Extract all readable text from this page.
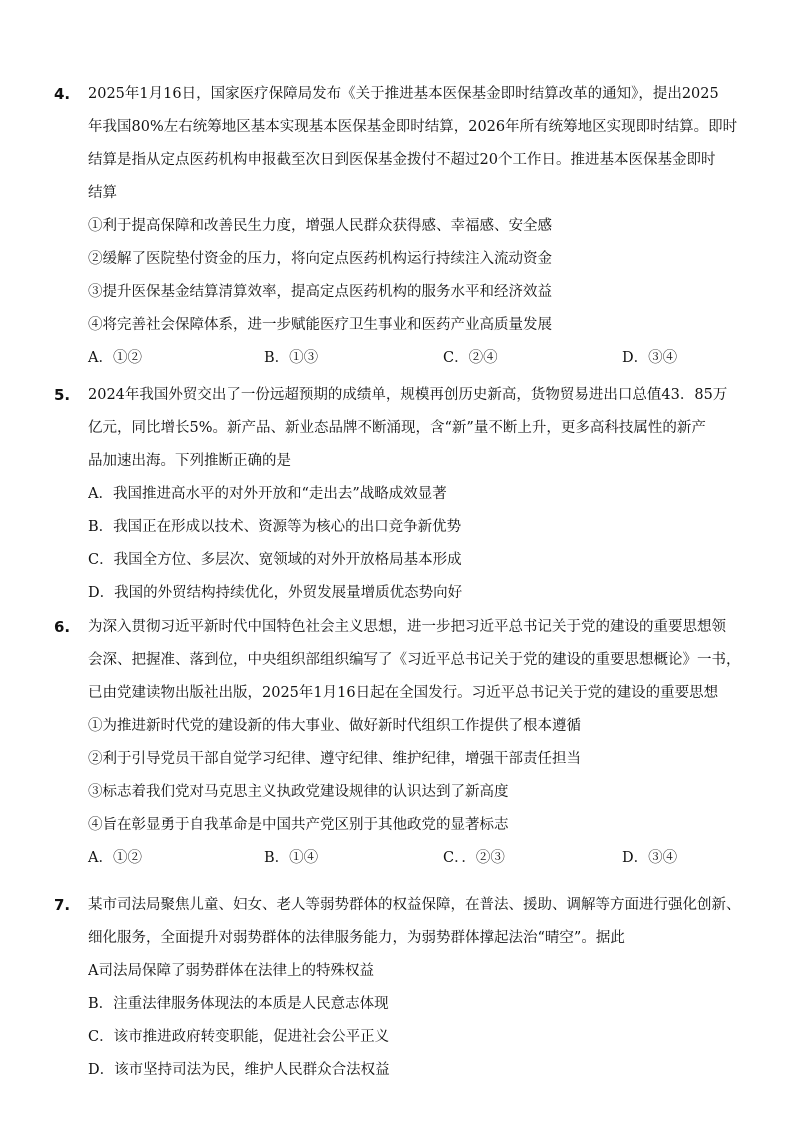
4. 2025年1月16日，国家医疗保障局发布《关于推进基本医保基金即时结算改革的通知》，提出2025
年我国80%左右统筹地区基本实现基本医保基金即时结算，2026年所有统筹地区实现即时结算。即时
结算是指从定点医药机构申报截至次日到医保基金拨付不超过20个工作日。推进基本医保基金即时
结算
①利于提高保障和改善民生力度，增强人民群众获得感、幸福感、安全感
②缓解了医院垫付资金的压力，将向定点医药机构运行持续注入流动资金
③提升医保基金结算清算效率，提高定点医药机构的服务水平和经济效益
④将完善社会保障体系，进一步赋能医疗卫生事业和医药产业高质量发展
A．①②	B．①③	C．②④	D．③④
5. 2024年我国外贸交出了一份远超预期的成绩单，规模再创历史新高，货物贸易进出口总值43．85万
亿元，同比增长5%。新产品、新业态品牌不断涌现，含“新”量不断上升，更多高科技属性的新产
品加速出海。下列推断正确的是
A．我国推进高水平的对外开放和“走出去”战略成效显著
B．我国正在形成以技术、资源等为核心的出口竞争新优势
C．我国全方位、多层次、宽领域的对外开放格局基本形成
D．我国的外贸结构持续优化，外贸发展量增质优态势向好
6. 为深入贯彻习近平新时代中国特色社会主义思想，进一步把习近平总书记关于党的建设的重要思想领
会深、把握准、落到位，中央组织部组织编写了《习近平总书记关于党的建设的重要思想概论》一书，
已由党建读物出版社出版，2025年1月16日起在全国发行。习近平总书记关于党的建设的重要思想
①为推进新时代党的建设新的伟大事业、做好新时代组织工作提供了根本遵循
②利于引导党员干部自觉学习纪律、遵守纪律、维护纪律，增强干部责任担当
③标志着我们党对马克思主义执政党建设规律的认识达到了新高度
④旨在彰显勇于自我革命是中国共产党区别于其他政党的显著标志
A．①②	B．①④	C．．②③	D．③④
7. 某市司法局聚焦儿童、妇女、老人等弱势群体的权益保障，在普法、援助、调解等方面进行强化创新、
细化服务，全面提升对弱势群体的法律服务能力，为弱势群体撑起法治“晴空”。据此
A司法局保障了弱势群体在法律上的特殊权益
B．注重法律服务体现法的本质是人民意志体现
C．该市推进政府转变职能，促进社会公平正义
D．该市坚持司法为民，维护人民群众合法权益
